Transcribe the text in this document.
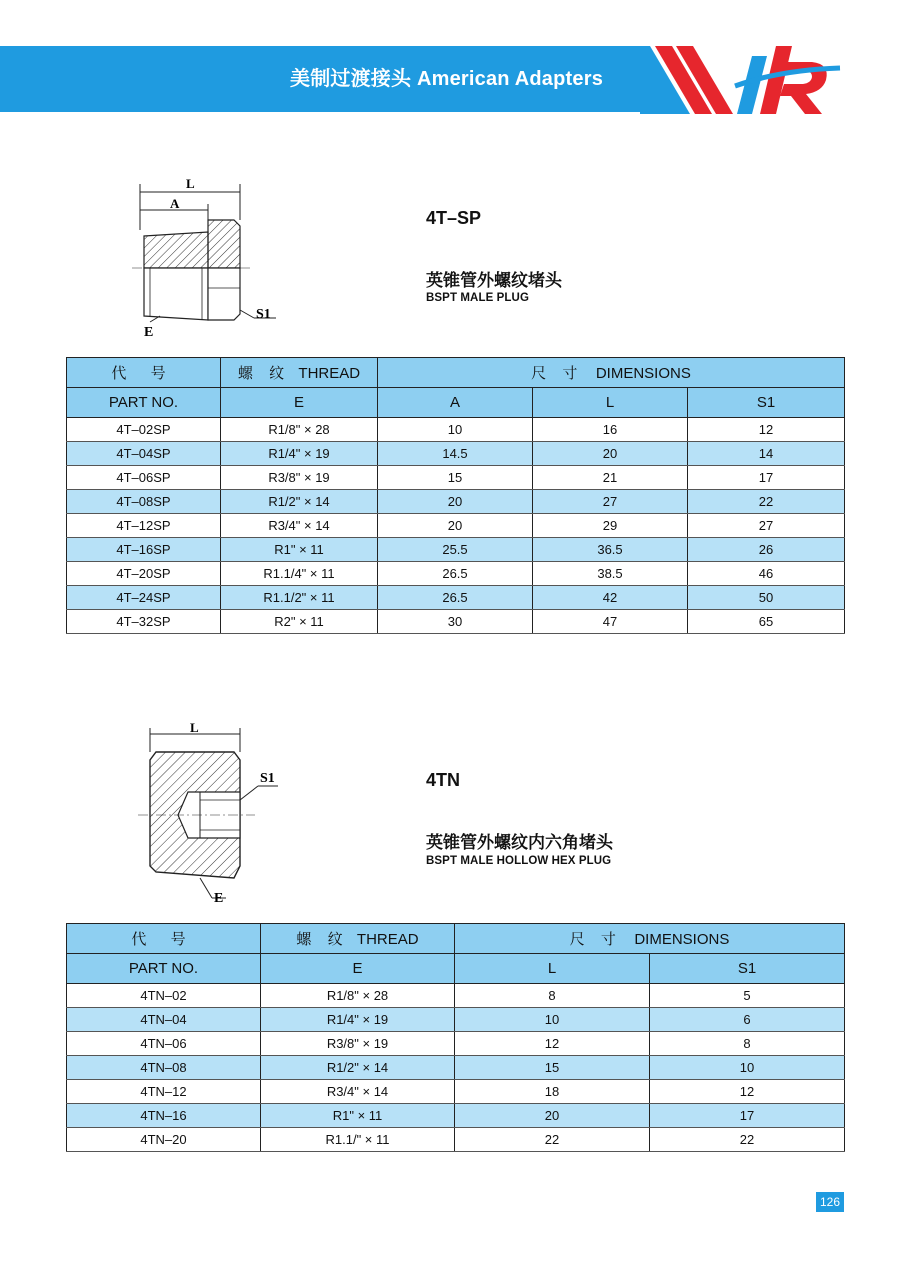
美制过渡接头 American Adapters
L
A
S1
E
4T–SP
英锥管外螺纹堵头
BSPT MALE PLUG
代 号	螺 纹 THREAD	尺 寸 DIMENSIONS		
PART NO.	E	A	L	S1
4T–02SP	R1/8" × 28	10	16	12
4T–04SP	R1/4" × 19	14.5	20	14
4T–06SP	R3/8" × 19	15	21	17
4T–08SP	R1/2" × 14	20	27	22
4T–12SP	R3/4" × 14	20	29	27
4T–16SP	R1" × 11	25.5	36.5	26
4T–20SP	R1.1/4" × 11	26.5	38.5	46
4T–24SP	R1.1/2" × 11	26.5	42	50
4T–32SP	R2" × 11	30	47	65
L
S1
E
4TN
英锥管外螺纹内六角堵头
BSPT MALE HOLLOW HEX PLUG
代 号	螺 纹 THREAD	尺 寸 DIMENSIONS	
PART NO.	E	L	S1
4TN–02	R1/8" × 28	8	5
4TN–04	R1/4" × 19	10	6
4TN–06	R3/8" × 19	12	8
4TN–08	R1/2" × 14	15	10
4TN–12	R3/4" × 14	18	12
4TN–16	R1" × 11	20	17
4TN–20	R1.1/" × 11	22	22
126
